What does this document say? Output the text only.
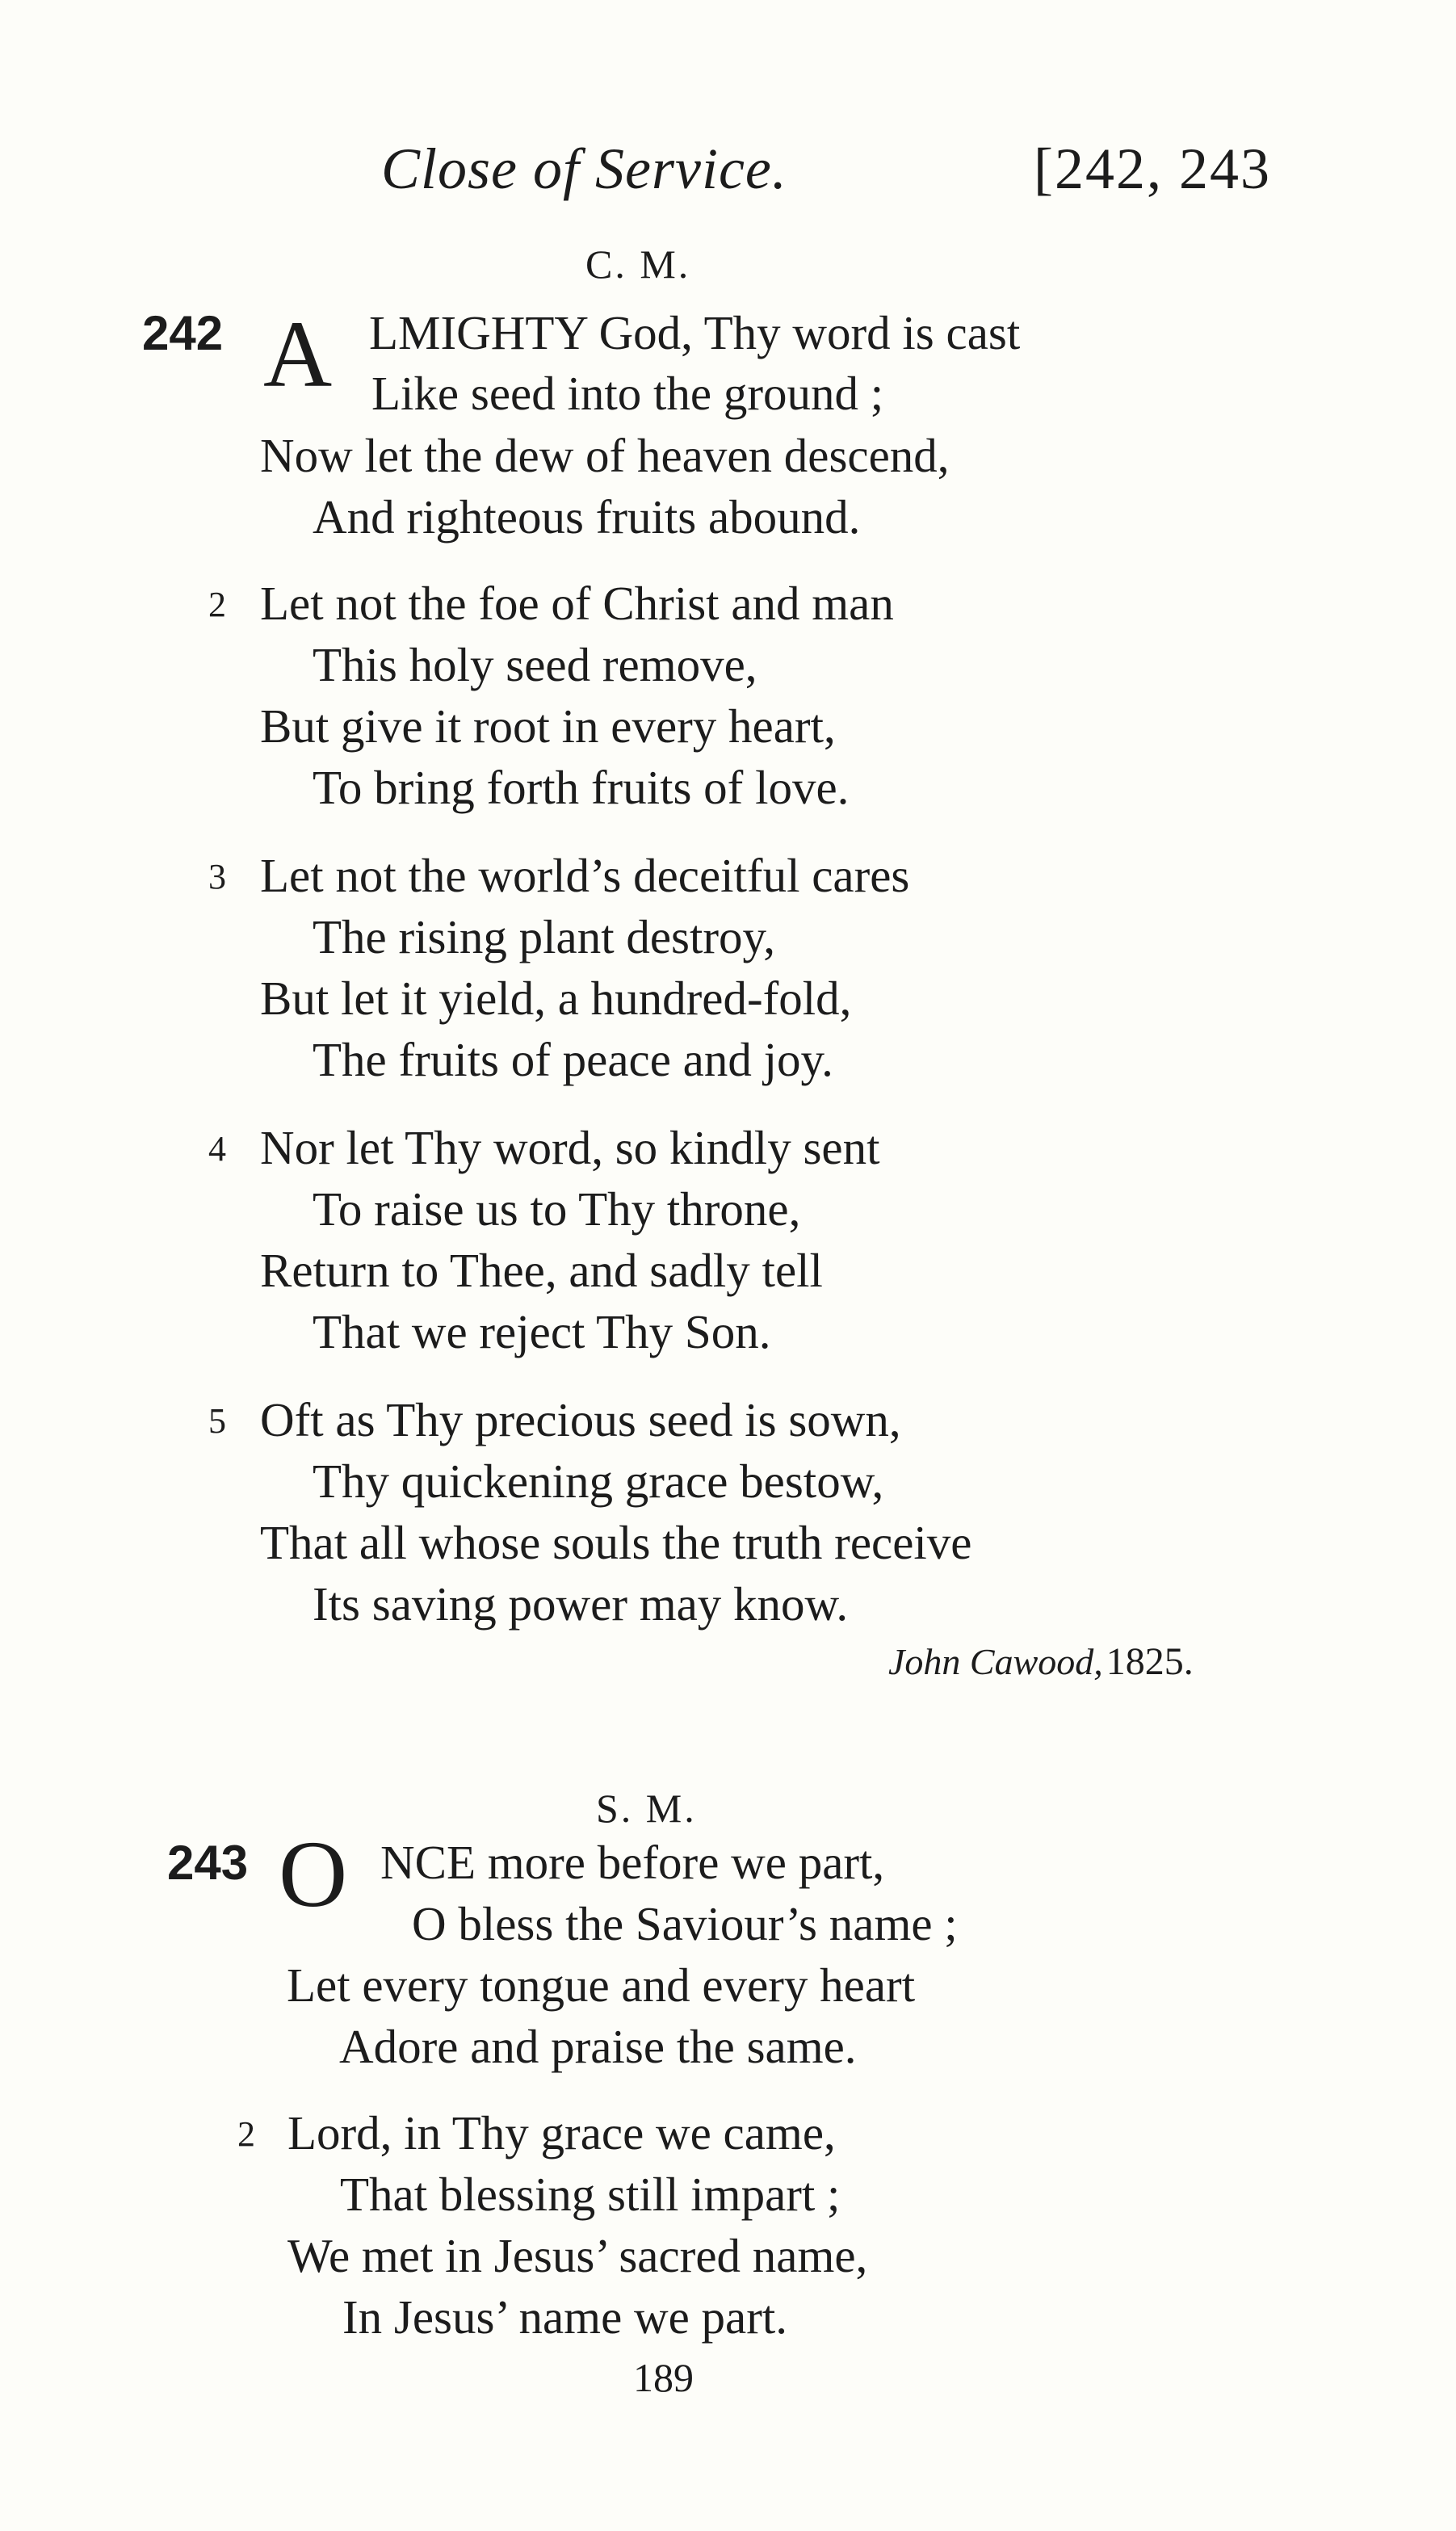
Close of Service.	[242, 243
C. M.
242 A LMIGHTY God, Thy word is cast
Like seed into the ground ;
Now let the dew of heaven descend,
And righteous fruits abound.
2 Let not the foe of Christ and man
This holy seed remove,
But give it root in every heart,
To bring forth fruits of love.
3 Let not the world’s deceitful cares
The rising plant destroy,
But let it yield, a hundred-fold,
The fruits of peace and joy.
4 Nor let Thy word, so kindly sent
To raise us to Thy throne,
Return to Thee, and sadly tell
That we reject Thy Son.
5 Oft as Thy precious seed is sown,
Thy quickening grace bestow,
That all whose souls the truth receive
Its saving power may know.
John Cawood, 1825.
S. M.
243 O NCE more before we part,
O bless the Saviour’s name ;
Let every tongue and every heart
Adore and praise the same.
2 Lord, in Thy grace we came,
That blessing still impart ;
We met in Jesus’ sacred name,
In Jesus’ name we part.
189
